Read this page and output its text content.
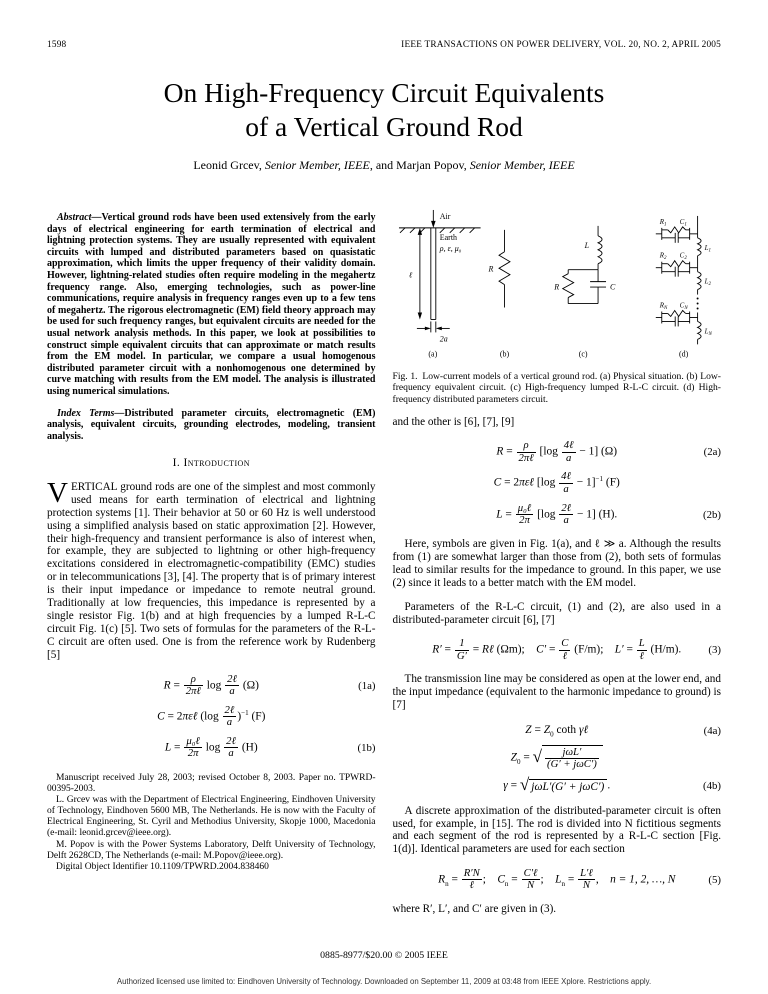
1598	IEEE TRANSACTIONS ON POWER DELIVERY, VOL. 20, NO. 2, APRIL 2005
On High-Frequency Circuit Equivalents
of a Vertical Ground Rod
Leonid Grcev, Senior Member, IEEE, and Marjan Popov, Senior Member, IEEE

Abstract—Vertical ground rods have been used extensively from the early days of electrical engineering for earth termination of electrical and lightning protection systems. They are usually represented with equivalent circuits with lumped and distributed parameters based on quasistatic approximation, which limits the upper frequency of their validity domain. However, lightning-related studies often require modeling in the megahertz frequency range. Also, emerging technologies, such as power-line communications, require analysis in frequency ranges even up to a few tens of megahertz. The rigorous electromagnetic (EM) field theory approach may be used for such frequency ranges, but equivalent circuits are needed for the usual network analysis methods. In this paper, we look at possibilities to construct simple equivalent circuits that can approximate or match results from the EM model. In particular, we compare a usual homogenous distributed parameter circuit with a nonhomogenous one determined by curve matching with results from the EM model. The analysis is illustrated using numerical simulations.

Index Terms—Distributed parameter circuits, electromagnetic (EM) analysis, equivalent circuits, grounding electrodes, modeling, transient analysis.

I. Introduction

VERTICAL ground rods are one of the simplest and most commonly used means for earth termination of electrical and lightning protection systems [1]. Their behavior at 50 or 60 Hz is well understood using a simplified analysis based on static approximation [2]. However, their high-frequency and transient performance is also of interest when, for example, they are subjected to lightning or other high-frequency excitations considered in electromagnetic-compatibility (EMC) studies or in telecommunications [3], [4]. The property that is of primary interest is their input impedance or impedance to remote neutral ground. Traditionally at low frequencies, this impedance is represented by a single resistor Fig. 1(b) and at high frequencies by a lumped R-L-C circuit Fig. 1(c) [5]. Two sets of formulas for the parameters of the R-L-C circuit are often used. One is from the reference work by Rudenberg [5]

$R = \frac{\rho}{\text{2πℓ}}$ $\log \frac{\text{2ℓ}}{a} (\Omega)$	(1a)
C = 2πεℓ $(\log \frac{\text{2ℓ}}{a} )^{-1}$ (F)
$L = \frac{\text{μ₀ℓ}}{2\pi}$ $\log \frac{\text{2ℓ}}{a} (H)$	(1b)

Manuscript received July 28, 2003; revised October 8, 2003. Paper no. TPWRD-00395-2003.

L. Grcev was with the Department of Electrical Engineering, Eindhoven University of Technology, Eindhoven 5600 MB, The Netherlands. He is now with the Faculty of Electrical Engineering, St. Cyril and Methodius University, Skopje 1000, Macedonia (e-mail: leonid.grcev@ieee.org).

M. Popov is with the Power Systems Laboratory, Delft University of Technology, Delft 2628CD, The Netherlands (e-mail: M.Popov@ieee.org).

Digital Object Identifier 10.1109/TPWRD.2004.838460

Air
Earth
ρ, ε, μ₀
ℓ
2a
(a)
R
(b)
L
R	C
(c)
$R_1$ $C_1$
$L_1$
$R_2$ $C_2$
$L_2$
$R_N$ $C_N$
$L_N$
(d)

Fig. 1.  Low-current models of a vertical ground rod. (a) Physical situation. (b) Low-frequency equivalent circuit. (c) High-frequency lumped R-L-C circuit. (d) High-frequency distributed parameters circuit.

and the other is [6], [7], [9]

$R = \frac{\rho}{\text{2πℓ}} [\log \frac{\text{4ℓ}}{a} - 1]$ (Ω)	(2a)
C = 2πεℓ $[\log \frac{\text{4ℓ}}{a} - 1]^{-1}$ (F)
$L = \frac{\text{μ₀ℓ}}{2\pi} [\log \frac{\text{2ℓ}}{a} - 1]$ (H).	(2b)

Here, symbols are given in Fig. 1(a), and ℓ ≫ a. Although the results from (1) are somewhat larger than those from (2), both sets of formulas lead to similar results for the impedance to ground. In this paper, we use (2) since it leads to a better match with the EM model.

Parameters of the R-L-C circuit, (1) and (2), are also used in a distributed-parameter circuit [6], [7]

$R' = \frac{1}{G'}$ = Rℓ (Ωm);  $C' = \frac{C}{\text{ℓ}} (F/m)$;  $L' = \frac{L}{\text{ℓ}} (H/m)$.	(3)

The transmission line may be considered as open at the lower end, and the input impedance (equivalent to the harmonic impedance to ground) is [7]

$Z = Z_0$ coth γℓ	(4a)
$Z_0$ = √ $\frac{\text{jωL′}}{\text{(G′ + jωC′)}}$
γ = √ jωL′(G′ + jωC′) .	(4b)

A discrete approximation of the distributed-parameter circuit is often used, for example, in [15]. The rod is divided into N fictitious segments and each segment of the rod is represented by a R-L-C section [Fig. 1(d)]. Identical parameters are used for each section

$R_n = \frac{R'N}{\text{ℓ}}$ ;  $C_n = \frac{\text{C′ℓ}}{N}$ ;  $L_n = \frac{\text{L′ℓ}}{N}$ ,  n = 1, 2, …, N	(5)

where R′, L′, and C′ are given in (3).

0885-8977/$20.00 © 2005 IEEE
Authorized licensed use limited to: Eindhoven University of Technology. Downloaded on September 11, 2009 at 03:48 from IEEE Xplore. Restrictions apply.
